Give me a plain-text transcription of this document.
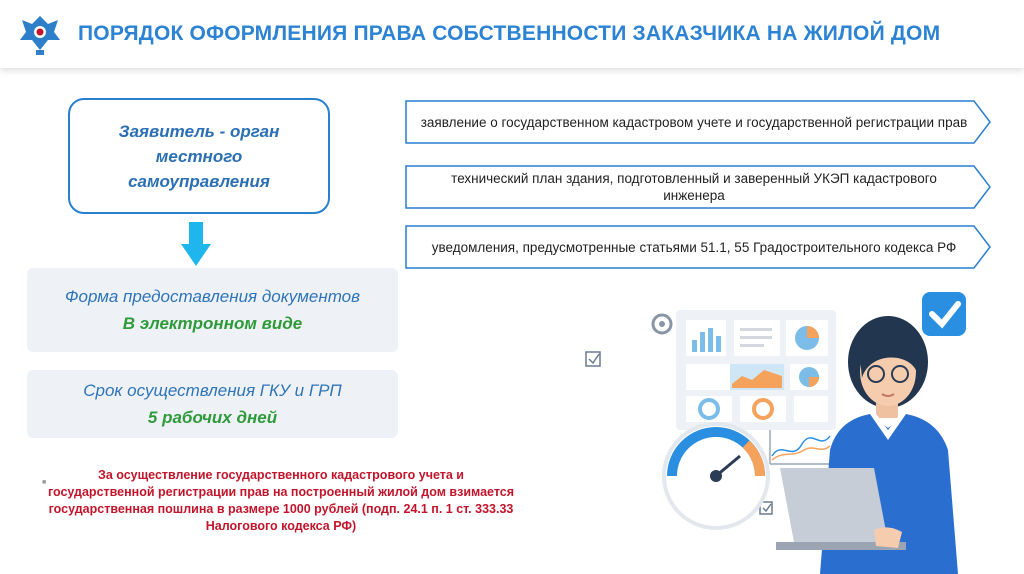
ПОРЯДОК ОФОРМЛЕНИЯ ПРАВА СОБСТВЕННОСТИ ЗАКАЗЧИКА НА ЖИЛОЙ ДОМ
Заявитель - орган местного самоуправления
Форма предоставления документов
В электронном виде
Срок осуществления ГКУ и ГРП
5 рабочих дней
заявление о государственном кадастровом учете и государственной регистрации прав
технический план здания, подготовленный и заверенный УКЭП кадастрового инженера
уведомления, предусмотренные статьями 51.1, 55 Градостроительного кодекса РФ
■
За осуществление государственного кадастрового учета и государственной регистрации прав на построенный жилой дом взимается государственная пошлина в размере 1000 рублей (подп. 24.1 п. 1 ст. 333.33 Налогового кодекса РФ)
